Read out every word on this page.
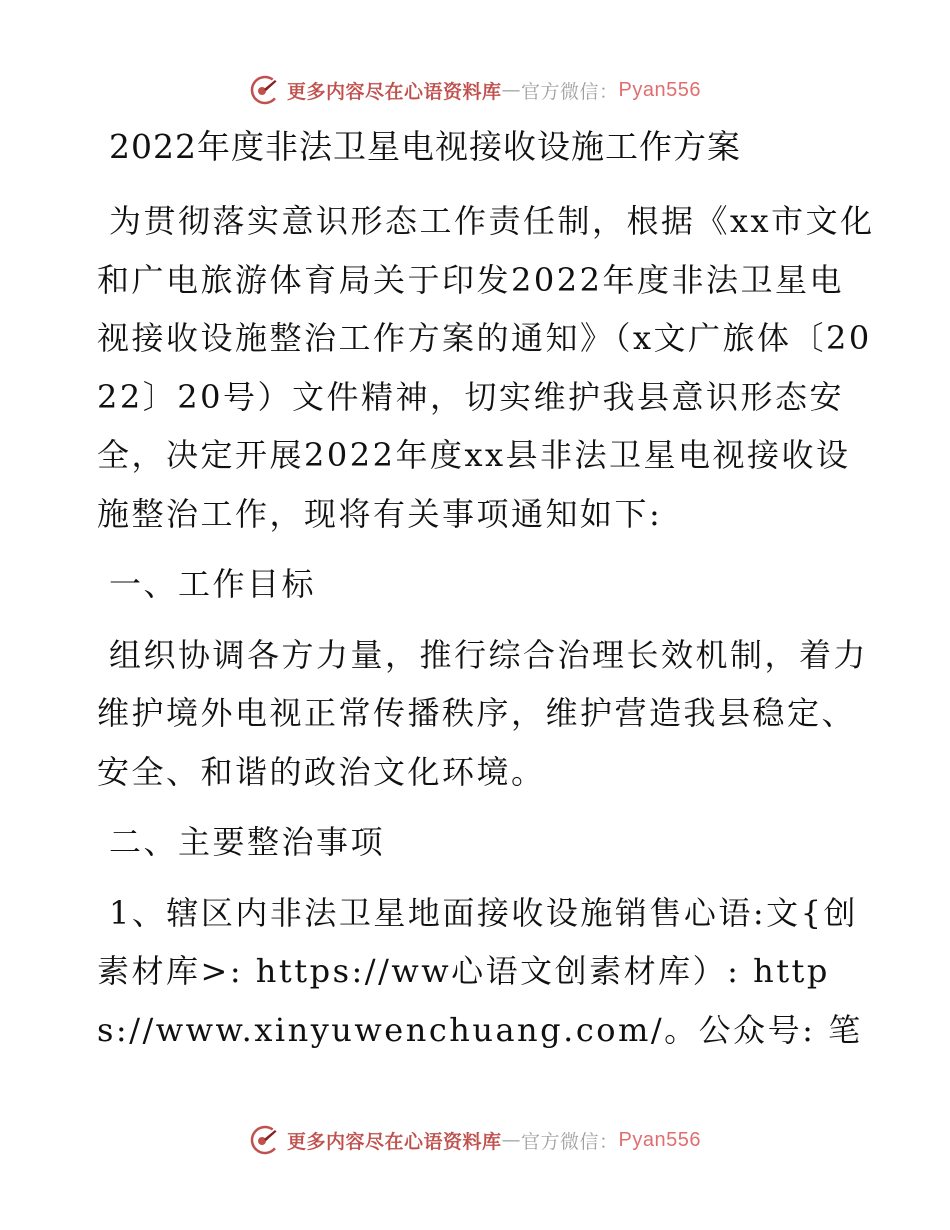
更多内容尽在心语资料库 — 官方微信： Pyan556
2022年度非法卫星电视接收设施工作方案

为贯彻落实意识形态工作责任制，根据《xx市文化和广电旅游体育局关于印发2022年度非法卫星电视接收设施整治工作方案的通知》（x文广旅体〔2022〕20号）文件精神，切实维护我县意识形态安全，决定开展2022年度xx县非法卫星电视接收设施整治工作，现将有关事项通知如下:

一、工作目标

组织协调各方力量，推行综合治理长效机制，着力维护境外电视正常传播秩序，维护营造我县稳定、安全、和谐的政治文化环境。

二、主要整治事项

1、辖区内非法卫星地面接收设施销售心语:文{创素材库>: https://ww心语文创素材库）: https://www.xinyuwenchuang.com/。公众号: 笔

更多内容尽在心语资料库 — 官方微信： Pyan556
